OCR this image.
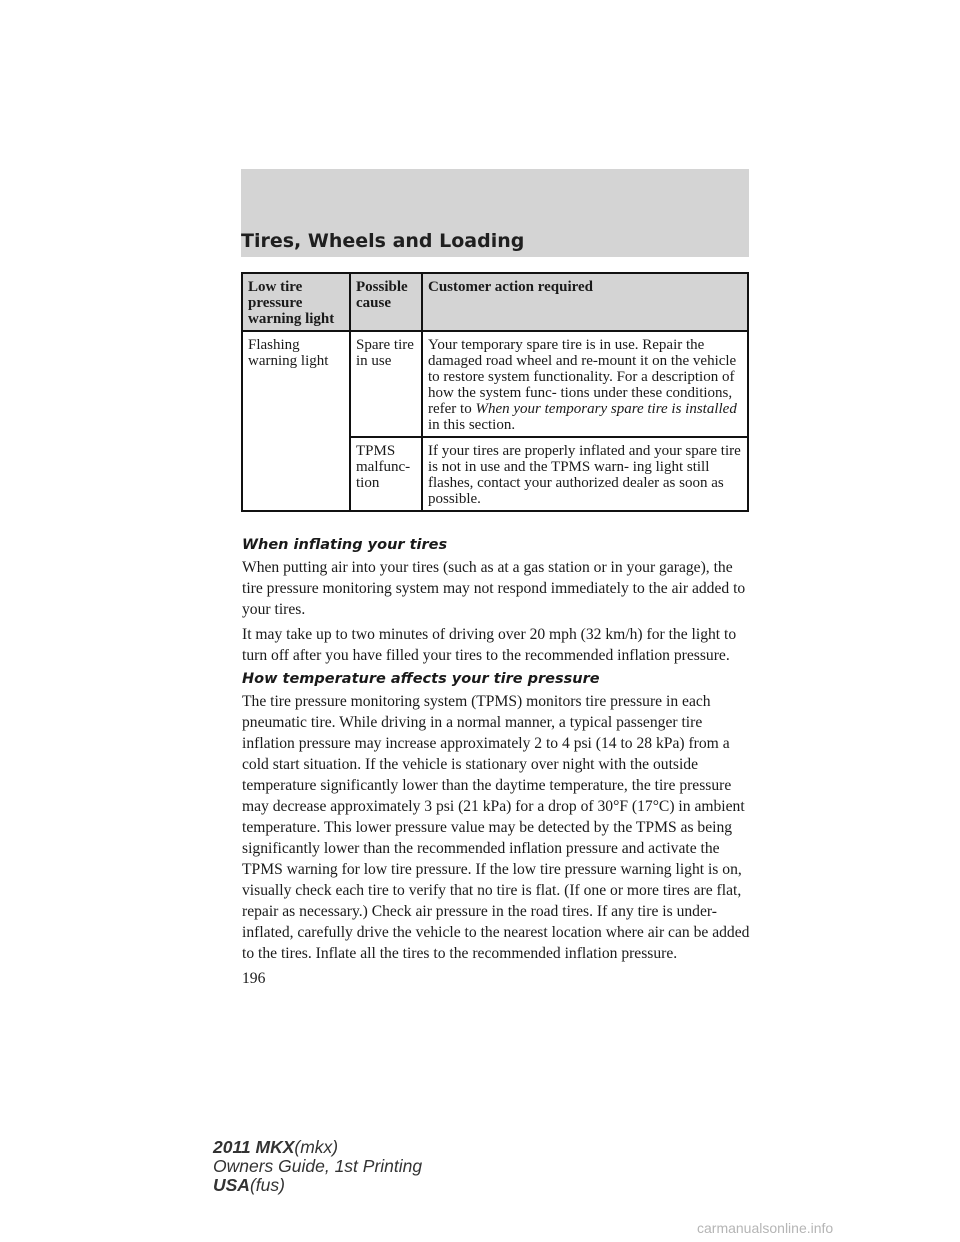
Tires, Wheels and Loading
Low tire pressure warning light	Possible cause	Customer action required
Flashing warning light	Spare tire in use	Your temporary spare tire is in use. Repair the damaged road wheel and re-mount it on the vehicle to restore system functionality. For a description of how the system func- tions under these conditions, refer to When your temporary spare tire is installed in this section.
	TPMS malfunc- tion	If your tires are properly inflated and your spare tire is not in use and the TPMS warn- ing light still flashes, contact your authorized dealer as soon as possible.
When inflating your tires

When putting air into your tires (such as at a gas station or in your garage), the tire pressure monitoring system may not respond immediately to the air added to your tires.

It may take up to two minutes of driving over 20 mph (32 km/h) for the light to turn off after you have filled your tires to the recommended inflation pressure.

How temperature affects your tire pressure

The tire pressure monitoring system (TPMS) monitors tire pressure in each pneumatic tire. While driving in a normal manner, a typical passenger tire inflation pressure may increase approximately 2 to 4 psi (14 to 28 kPa) from a cold start situation. If the vehicle is stationary over night with the outside temperature significantly lower than the daytime temperature, the tire pressure may decrease approximately 3 psi (21 kPa) for a drop of 30°F (17°C) in ambient temperature. This lower pressure value may be detected by the TPMS as being significantly lower than the recommended inflation pressure and activate the TPMS warning for low tire pressure. If the low tire pressure warning light is on, visually check each tire to verify that no tire is flat. (If one or more tires are flat, repair as necessary.) Check air pressure in the road tires. If any tire is under-inflated, carefully drive the vehicle to the nearest location where air can be added to the tires. Inflate all the tires to the recommended inflation pressure.

196
2011 MKX(mkx)
Owners Guide, 1st Printing
USA(fus)
carmanualsonline.info
